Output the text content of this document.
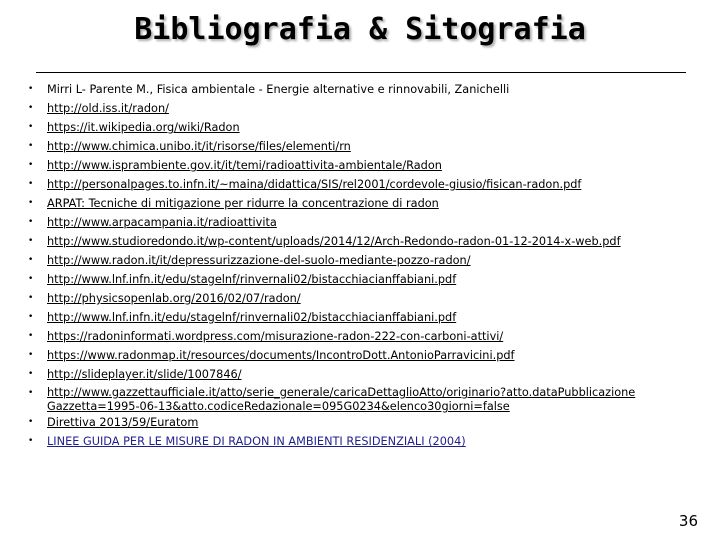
Bibliografia & Sitografia
• Mirri L- Parente M., Fisica ambientale - Energie alternative e rinnovabili, Zanichelli
• http://old.iss.it/radon/
• https://it.wikipedia.org/wiki/Radon
• http://www.chimica.unibo.it/it/risorse/files/elementi/rn
• http://www.isprambiente.gov.it/it/temi/radioattivita-ambientale/Radon
• http://personalpages.to.infn.it/~maina/didattica/SIS/rel2001/cordevole-giusio/fisican-radon.pdf
• ARPAT: Tecniche di mitigazione per ridurre la concentrazione di radon
• http://www.arpacampania.it/radioattivita
• http://www.studioredondo.it/wp-content/uploads/2014/12/Arch-Redondo-radon-01-12-2014-x-web.pdf
• http://www.radon.it/it/depressurizzazione-del-suolo-mediante-pozzo-radon/
• http://www.lnf.infn.it/edu/stagelnf/rinvernali02/bistacchiacianffabiani.pdf
• http://physicsopenlab.org/2016/02/07/radon/
• http://www.lnf.infn.it/edu/stagelnf/rinvernali02/bistacchiacianffabiani.pdf
• https://radoninformati.wordpress.com/misurazione-radon-222-con-carboni-attivi/
• https://www.radonmap.it/resources/documents/IncontroDott.AntonioParravicini.pdf
• http://slideplayer.it/slide/1007846/
• http://www.gazzettaufficiale.it/atto/serie_generale/caricaDettaglioAtto/originario?atto.dataPubblicazione
Gazzetta=1995-06-13&atto.codiceRedazionale=095G0234&elenco30giorni=false
• Direttiva 2013/59/Euratom
• LINEE GUIDA PER LE MISURE DI RADON IN AMBIENTI RESIDENZIALI (2004)
36
